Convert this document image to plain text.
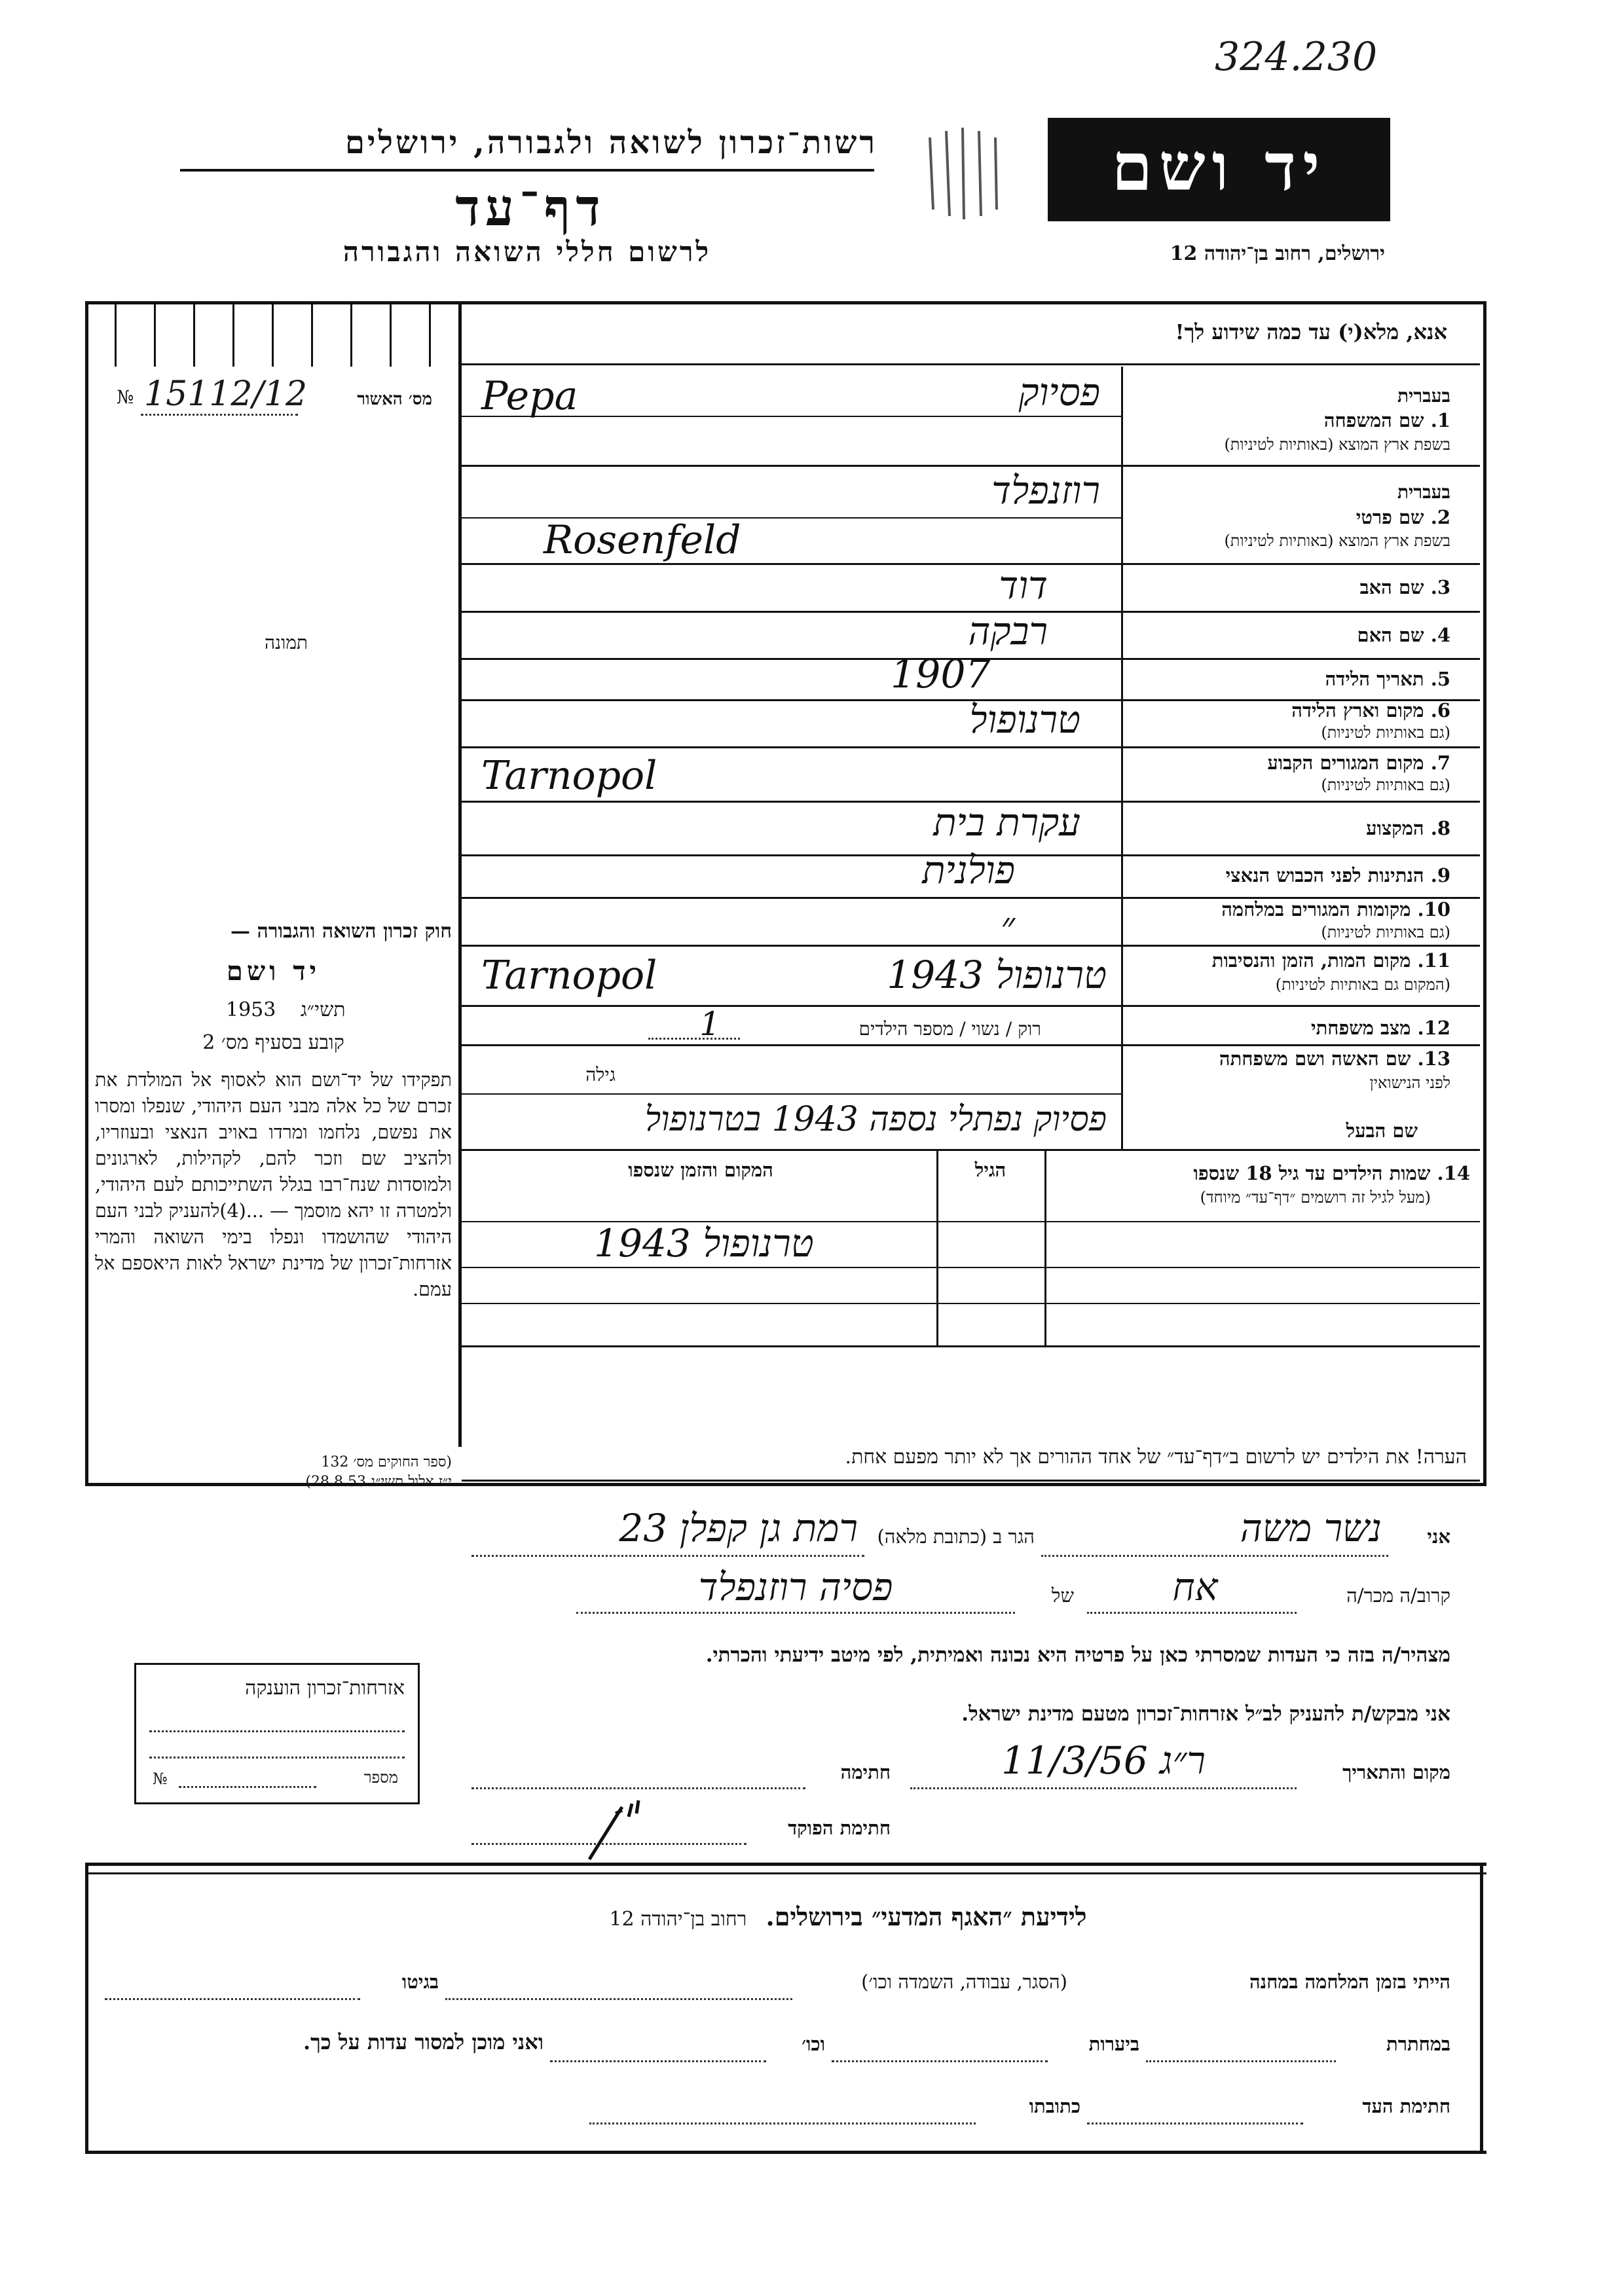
324.230
רשות־זכרון לשואה ולגבורה, ירושלים
דף־עד
לרשום חללי השואה והגבורה
יד ושם
ירושלים, רחוב בן־יהודה 12
אנא, מלא(י) עד כמה שידוע לך!
№ 15112/12	מס׳ האשור
תמונה
בעברית
1. שם המשפחה
בשפת ארץ המוצא (באותיות לטיניות)
פסיוק
Pepa
בעברית
2. שם פרטי
בשפת ארץ המוצא (באותיות לטיניות)
רוזנפלד
Rosenfeld
3. שם האב
דוד
4. שם האם
רבקה
5. תאריך הלידה
1907
6. מקום וארץ הלידה
(גם באותיות לטיניות)
טרנופול
7. מקום המגורים הקבוע
(גם באותיות לטיניות)
Tarnopol
8. המקצוע
עקרת בית
9. הנתינות לפני הכבוש הנאצי
פולנית
10. מקומות המגורים במלחמה
(גם באותיות לטיניות)
״
11. מקום המות, הזמן והנסיבות
(המקום גם באותיות לטיניות)
טרנופול 1943
Tarnopol
12. מצב משפחתי
רוק / נשוי / מספר הילדים
1
13. שם האשה ושם משפחתה
לפני הנישואין
גילה
שם הבעל
פסיוק נפתלי נספה 1943 בטרנופול
14. שמות הילדים עד גיל 18 שנספו
(מעל לגיל זה רושמים ״דף־עד״ מיוחד)
הגיל
המקום והזמן שנספו
טרנופול 1943
הערה! את הילדים יש לרשום ב״דף־עד״ של אחד ההורים אך לא יותר מפעם אחת.
חוק זכרון השואה והגבורה —
יד ושם
1953 תשי״ג
קובע בסעיף מס׳ 2
תפקידו של יד־ושם הוא לאסוף אל המולדת את זכרם של כל אלה מבני העם היהודי, שנפלו ומסרו את נפשם, נלחמו ומרדו באויב הנאצי ובעוזריו, ולהציב שם וזכר להם, לקהילות, לארגונים ולמוסדות שנח־רבו בגלל השתייכותם לעם היהודי, ולמטרה זו יהא מוסמך — ...(4)להעניק לבני העם היהודי שהושמדו ונפלו בימי השואה והמרי אזרחות־זכרון של מדינת ישראל לאות היאספם אל עמם.
(ספר החוקים מס׳ 132
י״ז אלול תשי״ג 28.8.53)
אני
נשר משה
הגר ב (כתובת מלאה)
רמת גן קפלן 23
קרוב/ה מכר/ה
אח
של
פסיה רוזנפלד
מצהיר/ה בזה כי העדות שמסרתי כאן על פרטיה היא נכונה ואמיתית, לפי מיטב ידיעתי והכרתי.
אני מבקש/ת להעניק לב״ל אזרחות־זכרון מטעם מדינת ישראל.
מקום והתאריך
ר״ג 11/3/56
חתימה
חתימת הפוקד
אזרחות־זכרון הוענקה
№	מספר
לידיעת ״האגף המדעי״ בירושלים. רחוב בן־יהודה 12
הייתי בזמן המלחמה במחנה
(הסגר, עבודה, השמדה וכו׳)
בגיטו
במחתרת
ביערות
וכו׳
ואני מוכן למסור עדות על כך.
חתימת העד
כתובתו
